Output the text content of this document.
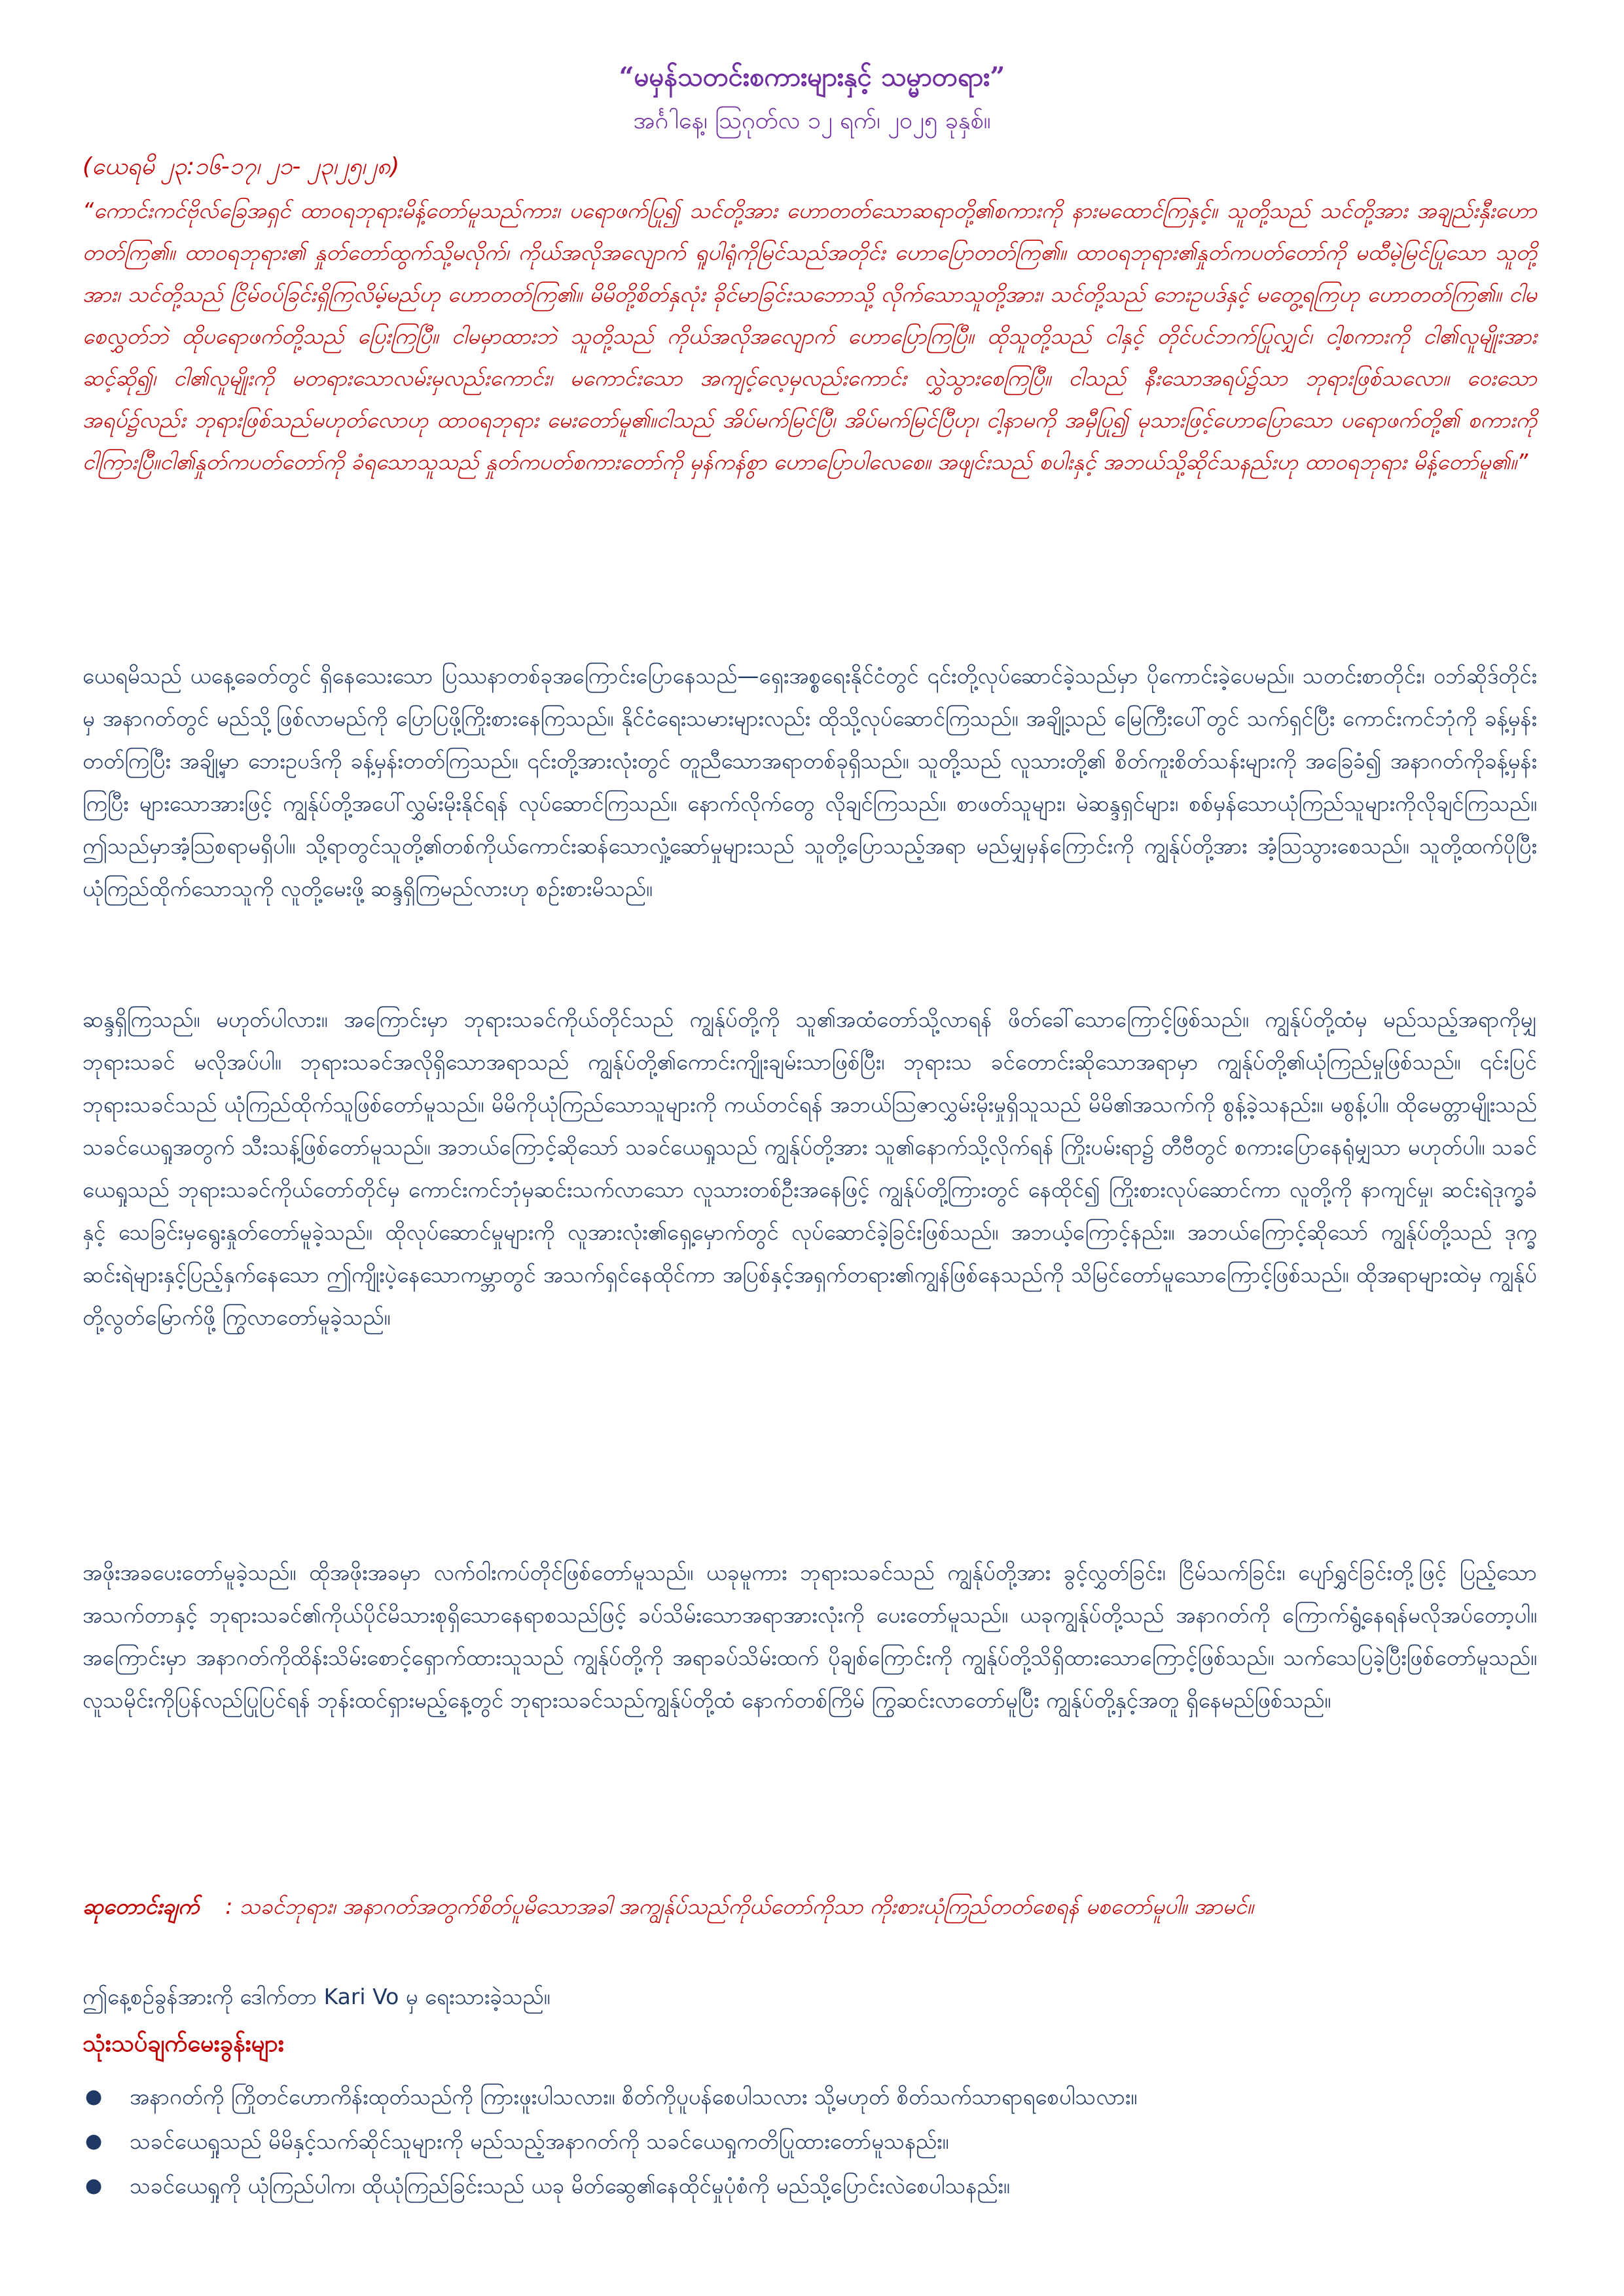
“မမှန်သတင်းစကားများနှင့် သမ္မာတရား”
အင်္ဂါနေ့၊ ဩဂုတ်လ ၁၂ ရက်၊ ၂၀၂၅ ခုနှစ်။
(ယေရမိ ၂၃:၁၆-၁၇၊ ၂၁- ၂၃၊၂၅၊၂၈)

“ကောင်းကင်ဗိုလ်ခြေအရှင် ထာဝရဘုရားမိန့်တော်မူသည်ကား၊ ပရောဖက်ပြု၍ သင်တို့အား ဟောတတ်သောဆရာတို့၏စကားကို နားမထောင်ကြနှင့်။ သူတို့သည် သင်တို့အား အချည်းနှီးဟောတတ်ကြ၏။ ထာဝရဘုရား၏ နှုတ်တော်ထွက်သို့မလိုက်၊ ကိုယ်အလိုအလျောက် ရူပါရုံကိုမြင်သည်အတိုင်း ဟောပြောတတ်ကြ၏။ ထာဝရဘုရား၏နှုတ်ကပတ်တော်ကို မထီမဲ့မြင်ပြုသော သူတို့အား၊ သင်တို့သည် ငြိမ်ဝပ်ခြင်းရှိကြလိမ့်မည်ဟု ဟောတတ်ကြ၏။ မိမိတို့စိတ်နှလုံး ခိုင်မာခြင်းသဘောသို့ လိုက်သောသူတို့အား၊ သင်တို့သည် ဘေးဥပဒ်နှင့် မတွေ့ရကြဟု ဟောတတ်ကြ၏။ ငါမစေလွှတ်ဘဲ ထိုပရောဖက်တို့သည် ပြေးကြပြီ။ ငါမမှာထားဘဲ သူတို့သည် ကိုယ်အလိုအလျောက် ဟောပြောကြပြီ။ ထိုသူတို့သည် ငါနှင့် တိုင်ပင်ဘက်ပြုလျှင်၊ ငါ့စကားကို ငါ၏လူမျိုးအားဆင့်ဆို၍၊ ငါ၏လူမျိုးကို မတရားသောလမ်းမှလည်းကောင်း၊ မကောင်းသော အကျင့်လေ့မှလည်းကောင်း လွှဲသွားစေကြပြီ။ ငါသည် နီးသောအရပ်၌သာ ဘုရားဖြစ်သလော။ ဝေးသောအရပ်၌လည်း ဘုရားဖြစ်သည်မဟုတ်လောဟု ထာဝရဘုရား မေးတော်မူ၏။ငါသည် အိပ်မက်မြင်ပြီ၊ အိပ်မက်မြင်ပြီဟု၊ ငါ့နာမကို အမှီပြု၍ မုသားဖြင့်ဟောပြောသော ပရောဖက်တို့၏ စကားကို ငါကြားပြီ။ငါ၏နှုတ်ကပတ်တော်ကို ခံရသောသူသည် နှုတ်ကပတ်စကားတော်ကို မှန်ကန်စွာ ဟောပြောပါလေစေ။ အဖျင်းသည် စပါးနှင့် အဘယ်သို့ဆိုင်သနည်းဟု ထာဝရဘုရား မိန့်တော်မူ၏။”

ယေရမိသည် ယနေ့ခေတ်တွင် ရှိနေသေးသော ပြဿနာတစ်ခုအကြောင်းပြောနေသည်—ရှေးအစ္စရေးနိုင်ငံတွင် ၎င်းတို့လုပ်ဆောင်ခဲ့သည်မှာ ပိုကောင်းခဲ့ပေမည်။ သတင်းစာတိုင်း၊ ဝဘ်ဆိုဒ်တိုင်းမှ အနာဂတ်တွင် မည်သို့ဖြစ်လာမည်ကို ပြောပြဖို့ကြိုးစားနေကြသည်။ နိုင်ငံရေးသမားများလည်း ထိုသို့လုပ်ဆောင်ကြသည်။ အချို့သည် မြေကြီးပေါ်တွင် သက်ရှင်ပြီး ကောင်းကင်ဘုံကို ခန့်မှန်းတတ်ကြပြီး အချို့မှာ ဘေးဥပဒ်ကို ခန့်မှန်းတတ်ကြသည်။ ၎င်းတို့အားလုံးတွင် တူညီသောအရာတစ်ခုရှိသည်။ သူတို့သည် လူသားတို့၏ စိတ်ကူးစိတ်သန်းများကို အခြေခံ၍ အနာဂတ်ကိုခန့်မှန်းကြပြီး များသောအားဖြင့် ကျွန်ုပ်တို့အပေါ်လွှမ်းမိုးနိုင်ရန် လုပ်ဆောင်ကြသည်။ နောက်လိုက်တွေ လိုချင်ကြသည်။ စာဖတ်သူများ၊ မဲဆန္ဒရှင်များ၊ စစ်မှန်သောယုံကြည်သူများကိုလိုချင်ကြသည်။ ဤသည်မှာအံ့ဩစရာမရှိပါ။ သို့ရာတွင်သူတို့၏တစ်ကိုယ်ကောင်းဆန်သောလှုံ့ဆော်မှုများသည် သူတို့ပြောသည့်အရာ မည်မျှမှန်ကြောင်းကို ကျွန်ုပ်တို့အား အံ့ဩသွားစေသည်။ သူတို့ထက်ပိုပြီးယုံကြည်ထိုက်သောသူကို လူတို့မေးဖို့ ဆန္ဒရှိကြမည်လားဟု စဉ်းစားမိသည်။

ဆန္ဒရှိကြသည်။ မဟုတ်ပါလား။ အကြောင်းမှာ ဘုရားသခင်ကိုယ်တိုင်သည် ကျွန်ုပ်တို့ကို သူ၏အထံတော်သို့လာရန် ဖိတ်ခေါ်သောကြောင့်ဖြစ်သည်။ ကျွန်ုပ်တို့ထံမှ မည်သည့်အရာကိုမျှ ဘုရားသခင် မလိုအပ်ပါ။ ဘုရားသခင်အလိုရှိသောအရာသည် ကျွန်ုပ်တို့၏ကောင်းကျိုးချမ်းသာဖြစ်ပြီး၊ ဘုရားသ ခင်တောင်းဆိုသောအရာမှာ ကျွန်ုပ်တို့၏ယုံကြည်မှုဖြစ်သည်။ ၎င်းပြင် ဘုရားသခင်သည် ယုံကြည်ထိုက်သူဖြစ်တော်မူသည်။ မိမိကိုယုံကြည်သောသူများကို ကယ်တင်ရန် အဘယ်ဩဇာလွှမ်းမိုးမှုရှိသူသည် မိမိ၏အသက်ကို စွန့်ခဲ့သနည်း။ မစွန့်ပါ။ ထိုမေတ္တာမျိုးသည် သခင်ယေရှုအတွက် သီးသန့်ဖြစ်တော်မူသည်။ အဘယ်ကြောင့်ဆိုသော် သခင်ယေရှုသည် ကျွန်ုပ်တို့အား သူ၏နောက်သို့လိုက်ရန် ကြိုးပမ်းရာ၌ တီဗီတွင် စကားပြောနေရုံမျှသာ မဟုတ်ပါ။ သခင်ယေရှုသည် ဘုရားသခင်ကိုယ်တော်တိုင်မှ ကောင်းကင်ဘုံမှဆင်းသက်လာသော လူသားတစ်ဦးအနေဖြင့် ကျွန်ုပ်တို့ကြားတွင် နေထိုင်၍ ကြိုးစားလုပ်ဆောင်ကာ လူတို့ကို နာကျင်မှု၊ ဆင်းရဲဒုက္ခခံနှင့် သေခြင်းမှရွေးနှုတ်တော်မူခဲ့သည်။ ထိုလုပ်ဆောင်မှုများကို လူအားလုံး၏ရှေ့မှောက်တွင် လုပ်ဆောင်ခဲ့ခြင်းဖြစ်သည်။ အဘယ့်ကြောင့်နည်း။ အဘယ်ကြောင့်ဆိုသော် ကျွန်ုပ်တို့သည် ဒုက္ခဆင်းရဲများနှင့်ပြည့်နှက်နေသော ဤကျိုးပဲ့နေသောကမ္ဘာတွင် အသက်ရှင်နေထိုင်ကာ အပြစ်နှင့်အရှက်တရား၏ကျွန်ဖြစ်နေသည်ကို သိမြင်တော်မူသောကြောင့်ဖြစ်သည်။ ထိုအရာများထဲမှ ကျွန်ုပ်တို့လွတ်မြောက်ဖို့ ကြွလာတော်မူခဲ့သည်။

အဖိုးအခပေးတော်မူခဲ့သည်။ ထိုအဖိုးအခမှာ လက်ဝါးကပ်တိုင်ဖြစ်တော်မူသည်။ ယခုမူကား ဘုရားသခင်သည် ကျွန်ုပ်တို့အား ခွင့်လွှတ်ခြင်း၊ ငြိမ်သက်ခြင်း၊ ပျော်ရွှင်ခြင်းတို့ဖြင့် ပြည့်သောအသက်တာနှင့် ဘုရားသခင်၏ကိုယ်ပိုင်မိသားစုရှိသောနေရာစသည်ဖြင့် ခပ်သိမ်းသောအရာအားလုံးကို ပေးတော်မူသည်။ ယခုကျွန်ုပ်တို့သည် အနာဂတ်ကို ကြောက်ရွံ့နေရန်မလိုအပ်တော့ပါ။ အကြောင်းမှာ အနာဂတ်ကိုထိန်းသိမ်းစောင့်ရှောက်ထားသူသည် ကျွန်ုပ်တို့ကို အရာခပ်သိမ်းထက် ပိုချစ်ကြောင်းကို ကျွန်ုပ်တို့သိရှိထားသောကြောင့်ဖြစ်သည်။ သက်သေပြခဲ့ပြီးဖြစ်တော်မူသည်။ လူသမိုင်းကိုပြန်လည်ပြုပြင်ရန် ဘုန်းထင်ရှားမည့်နေ့တွင် ဘုရားသခင်သည်ကျွန်ုပ်တို့ထံ နောက်တစ်ကြိမ် ကြွဆင်းလာတော်မူပြီး ကျွန်ုပ်တို့နှင့်အတူ ရှိနေမည်ဖြစ်သည်။

ဆုတောင်းချက် : သခင်ဘုရား၊ အနာဂတ်အတွက်စိတ်ပူမိသောအခါ အကျွန်ုပ်သည်ကိုယ်တော်ကိုသာ ကိုးစားယုံကြည်တတ်စေရန် မစတော်မူပါ။ အာမင်။

ဤနေ့စဉ်ခွန်အားကို ဒေါက်တာ Kari Vo မှ ရေးသားခဲ့သည်။
သုံးသပ်ချက်မေးခွန်းများ
● အနာဂတ်ကို ကြိုတင်ဟောကိန်းထုတ်သည်ကို ကြားဖူးပါသလား။ စိတ်ကိုပူပန်စေပါသလား သို့မဟုတ် စိတ်သက်သာရာရစေပါသလား။
● သခင်ယေရှုသည် မိမိနှင့်သက်ဆိုင်သူများကို မည်သည့်အနာဂတ်ကို သခင်ယေရှုကတိပြုထားတော်မူသနည်း။
● သခင်ယေရှုကို ယုံကြည်ပါက၊ ထိုယုံကြည်ခြင်းသည် ယခု မိတ်ဆွေ၏နေထိုင်မှုပုံစံကို မည်သို့ပြောင်းလဲစေပါသနည်း။
